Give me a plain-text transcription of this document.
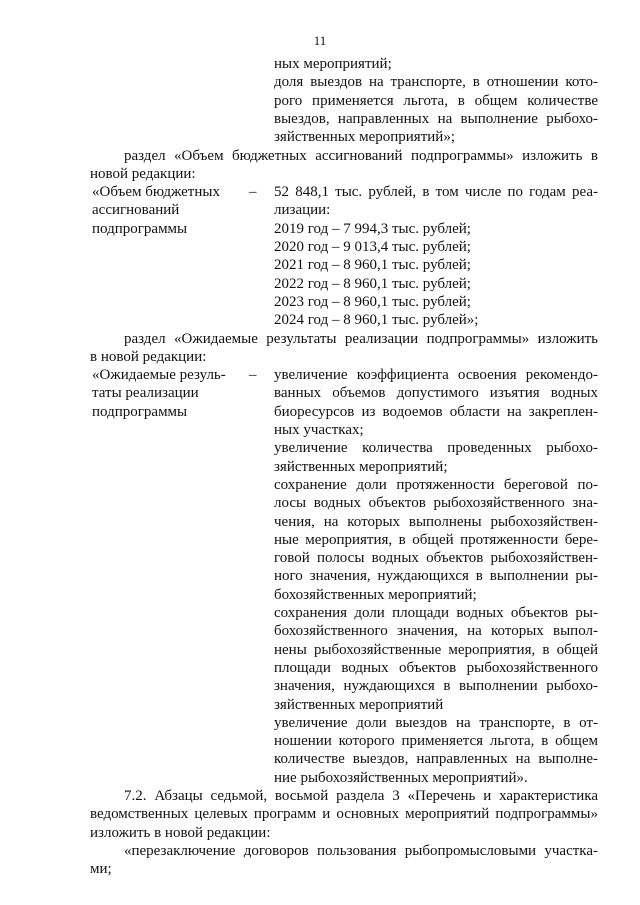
11
ных мероприятий;
доля выездов на транспорте, в отношении кото-
рого применяется льгота, в общем количестве
выездов, направленных на выполнение рыбохо-
зяйственных мероприятий»;
раздел «Объем бюджетных ассигнований подпрограммы» изложить в
новой редакции:
«Объем бюджетных
ассигнований
подпрограммы
– 52 848,1 тыс. рублей, в том числе по годам реа-
лизации:
2019 год – 7 994,3 тыс. рублей;
2020 год – 9 013,4 тыс. рублей;
2021 год – 8 960,1 тыс. рублей;
2022 год – 8 960,1 тыс. рублей;
2023 год – 8 960,1 тыс. рублей;
2024 год – 8 960,1 тыс. рублей»;
раздел «Ожидаемые результаты реализации подпрограммы» изложить
в новой редакции:
«Ожидаемые резуль-
таты реализации
подпрограммы
– увеличение коэффициента освоения рекомендо-
ванных объемов допустимого изъятия водных
биоресурсов из водоемов области на закреплен-
ных участках;
увеличение количества проведенных рыбохо-
зяйственных мероприятий;
сохранение доли протяженности береговой по-
лосы водных объектов рыбохозяйственного зна-
чения, на которых выполнены рыбохозяйствен-
ные мероприятия, в общей протяженности бере-
говой полосы водных объектов рыбохозяйствен-
ного значения, нуждающихся в выполнении ры-
бохозяйственных мероприятий;
сохранения доли площади водных объектов ры-
бохозяйственного значения, на которых выпол-
нены рыбохозяйственные мероприятия, в общей
площади водных объектов рыбохозяйственного
значения, нуждающихся в выполнении рыбохо-
зяйственных мероприятий
увеличение доли выездов на транспорте, в от-
ношении которого применяется льгота, в общем
количестве выездов, направленных на выполне-
ние рыбохозяйственных мероприятий».
7.2. Абзацы седьмой, восьмой раздела 3 «Перечень и характеристика
ведомственных целевых программ и основных мероприятий подпрограммы»
изложить в новой редакции:
«перезаключение договоров пользования рыбопромысловыми участка-
ми;
